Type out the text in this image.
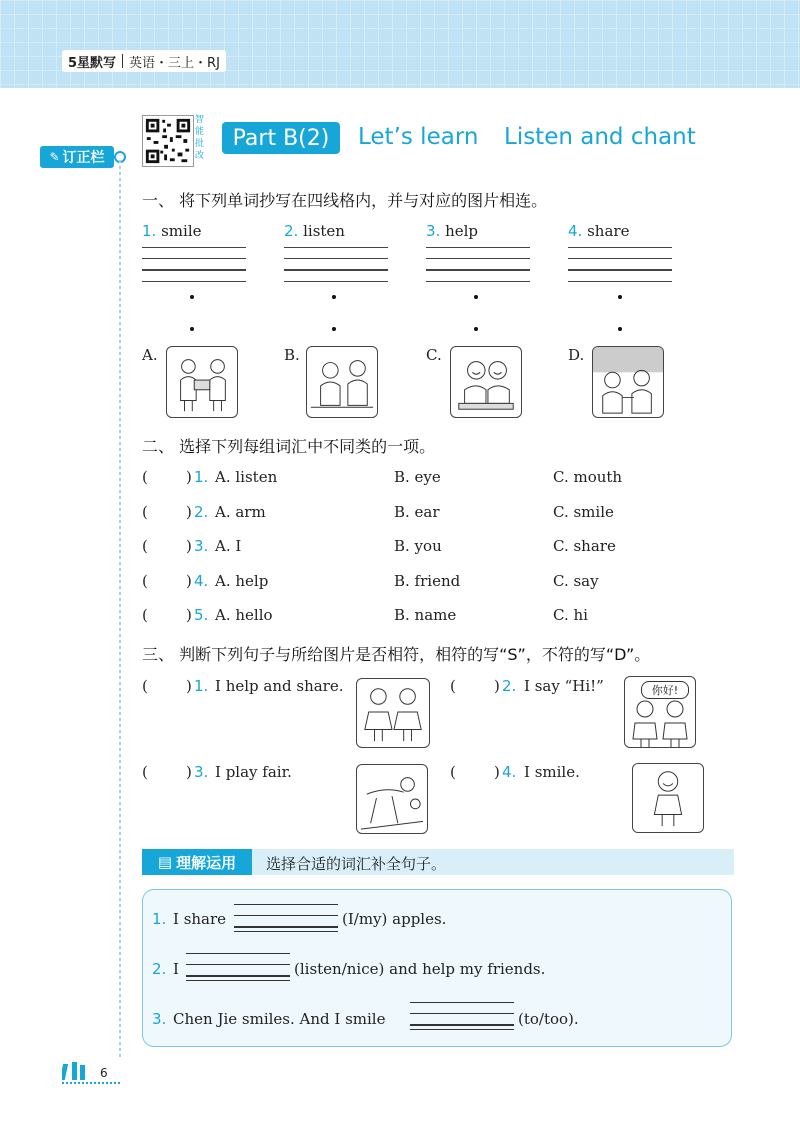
5星默写 英语・三上・RJ
✎ 订正栏
智能批改
Part B(2)	Let’s learn Listen and chant
一、 将下列单词抄写在四线格内，并与对应的图片相连。
1. smile	2. listen	3. help	4. share
A.	B.	C.	D.
二、 选择下列每组词汇中不同类的一项。
(	) 1. A. listen	B. eye	C. mouth
(	) 2. A. arm	B. ear	C. smile
(	) 3. A. I	B. you	C. share
(	) 4. A. help	B. friend	C. say
(	) 5. A. hello	B. name	C. hi
三、 判断下列句子与所给图片是否相符，相符的写“S”，不符的写“D”。
(	) 1. I help and share.	(	) 2. I say “Hi!”	你好!
(	) 3. I play fair.	(	) 4. I smile.
▤ 理解运用 选择合适的词汇补全句子。
1. I share	(I/my) apples.
2. I	(listen/nice) and help my friends.
3. Chen Jie smiles. And I smile	(to/too).
6
